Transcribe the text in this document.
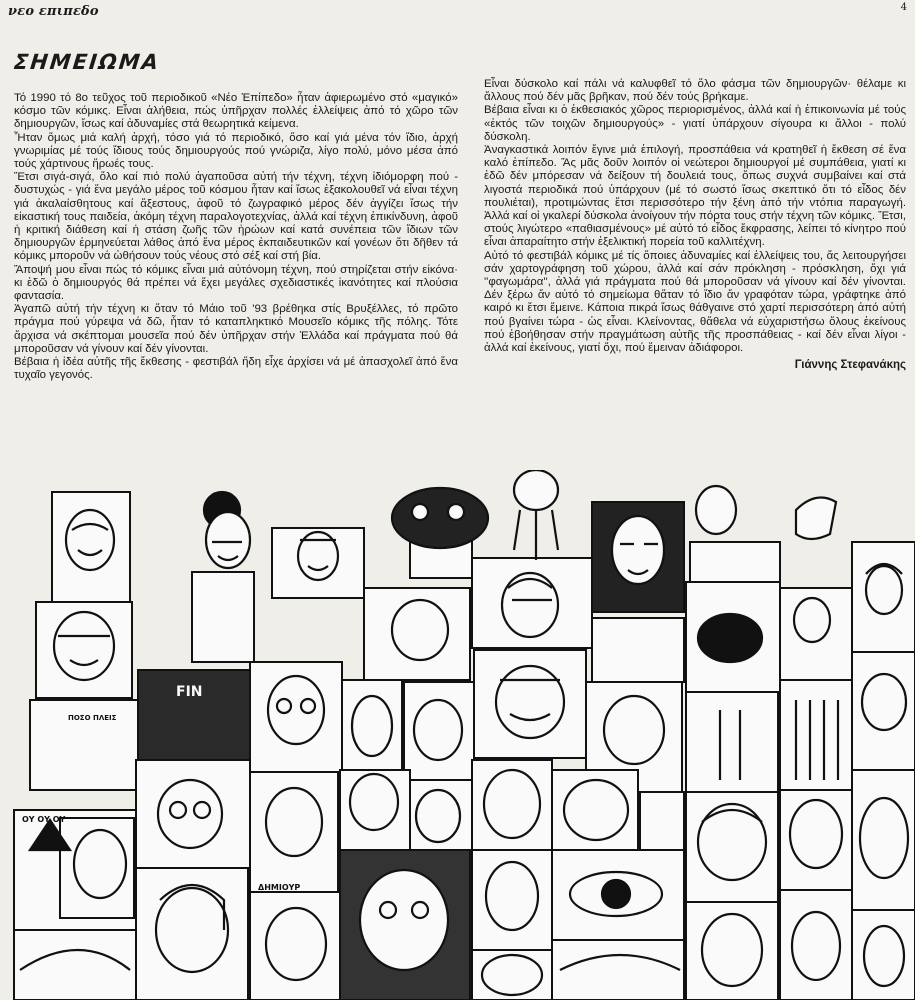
νεο επιπεδο	4
ΣΗΜΕΙΩΜΑ

Τό 1990 τό 8ο τεῦχος τοῦ περιοδικοῦ «Νέο Ἐπίπεδο» ἦταν ἀφιερωμένο στό «μαγικό» κόσμο τῶν κόμικς. Εἶναι ἀλήθεια, πώς ὑπῆρχαν πολλές ἐλλείψεις ἀπό τό χῶρο τῶν δημιουργῶν, ἴσως καί ἀδυναμίες στά θεωρητικά κείμενα.

Ἦταν ὅμως μιά καλή ἀρχή, τόσο γιά τό περιοδικό, ὅσο καί γιά μένα τόν ἴδιο, ἀρχή γνωριμίας μέ τούς ἴδιους τούς δημιουργούς πού γνώριζα, λίγο πολύ, μόνο μέσα ἀπό τούς χάρτινους ἥρωές τους.

Ἔτσι σιγά-σιγά, ὅλο καί πιό πολύ ἀγαποῦσα αὐτή τήν τέχνη, τέχνη ἰδιόμορφη πού - δυστυχώς - γιά ἕνα μεγάλο μέρος τοῦ κόσμου ἦταν καί ἴσως ἐξακολουθεῖ νά εἶναι τέχνη γιά ἀκαλαίσθητους καί ἄξεστους, ἀφοῦ τό ζωγραφικό μέρος δέν ἀγγίζει ἴσως τήν εἰκαστική τους παιδεία, ἀκόμη τέχνη παραλογοτεχνίας, ἀλλά καί τέχνη ἐπικίνδυνη, ἀφοῦ ἡ κριτική διάθεση καί ἡ στάση ζωῆς τῶν ἡρώων καί κατά συνέπεια τῶν ἴδιων τῶν δημιουργῶν ἑρμηνεύεται λάθος ἀπό ἕνα μέρος ἐκπαιδευτικῶν καί γονέων ὅτι δῆθεν τά κόμικς μποροῦν νά ὠθήσουν τούς νέους στό σέξ καί στή βία.

Ἄποψή μου εἶναι πώς τό κόμικς εἶναι μιά αὐτόνομη τέχνη, πού στηρίζεται στήν εἰκόνα· κι ἐδῶ ὁ δημιουργός θά πρέπει νά ἔχει μεγάλες σχεδιαστικές ἱκανότητες καί πλούσια φαντασία.

Ἀγαπῶ αὐτή τήν τέχνη κι ὅταν τό Μάιο τοῦ '93 βρέθηκα στίς Βρυξέλλες, τό πρῶτο πράγμα πού γύρεψα νά δῶ, ἦταν τό καταπληκτικό Μουσεῖο κόμικς τῆς πόλης. Τότε ἄρχισα νά σκέπτομαι μουσεῖα πού δέν ὑπῆρχαν στήν Ἑλλάδα καί πράγματα πού θά μποροῦσαν νά γίνουν καί δέν γίνονται.

Βέβαια ἡ ἰδέα αὐτῆς τῆς ἔκθεσης - φεστιβάλ ἤδη εἶχε ἀρχίσει νά μέ ἀπασχολεῖ ἀπό ἕνα τυχαῖο γεγονός.

Εἶναι δύσκολο καί πάλι νά καλυφθεῖ τό ὅλο φάσμα τῶν δημιουργῶν· θέλαμε κι ἄλλους πού δέν μᾶς βρῆκαν, πού δέν τούς βρήκαμε.

Βέβαια εἶναι κι ὁ ἐκθεσιακός χῶρος περιορισμένος, ἀλλά καί ἡ ἐπικοινωνία μέ τούς «ἐκτός τῶν τοιχῶν δημιουργούς» - γιατί ὑπάρχουν σίγουρα κι ἄλλοι - πολύ δύσκολη.

Ἀναγκαστικά λοιπόν ἔγινε μιά ἐπιλογή, προσπάθεια νά κρατηθεῖ ἡ ἔκθεση σέ ἕνα καλό ἐπίπεδο. Ἄς μᾶς δοῦν λοιπόν οἱ νεώτεροι δημιουργοί μέ συμπάθεια, γιατί κι ἐδῶ δέν μπόρεσαν νά δείξουν τή δουλειά τους, ὅπως συχνά συμβαίνει καί στά λιγοστά περιοδικά πού ὑπάρχουν (μέ τό σωστό ἴσως σκεπτικό ὅτι τό εἶδος δέν πουλιέται), προτιμώντας ἔτσι περισσότερο τήν ξένη ἀπό τήν ντόπια παραγωγή. Ἀλλά καί οἱ γκαλερί δύσκολα ἀνοίγουν τήν πόρτα τους στήν τέχνη τῶν κόμικς. Ἔτσι, στούς λιγώτερο «παθιασμένους» μέ αὐτό τό εἶδος ἔκφρασης, λείπει τό κίνητρο πού εἶναι ἀπαραίτητο στήν ἐξελικτική πορεία τοῦ καλλιτέχνη.

Αὐτό τό φεστιβάλ κόμικς μέ τίς ὅποιες ἀδυναμίες καί ἐλλείψεις του, ἄς λειτουργήσει σάν χαρτογράφηση τοῦ χώρου, ἀλλά καί σάν πρόκληση - πρόσκληση, ὄχι γιά ''φαγωμάρα'', ἀλλά γιά πράγματα πού θά μποροῦσαν νά γίνουν καί δέν γίνονται. Δέν ξέρω ἄν αὐτό τό σημείωμα θἄταν τό ἴδιο ἄν γραφόταν τώρα, γράφτηκε ἀπό καιρό κι ἔτσι ἔμεινε. Κάποια πικρά ἴσως θάθγαινε στό χαρτί περισσότερη ἀπό αὐτή πού βγαίνει τώρα - ὡς εἶναι. Κλείνοντας, θἄθελα νά εὐχαριστήσω ὅλους ἐκείνους πού ἐβοήθησαν στήν πραγμάτωση αὐτῆς τῆς προσπάθειας - καί δέν εἶναι λίγοι - ἀλλά καί ἐκείνους, γιατί ὄχι, πού ἔμειναν ἀδιάφοροι.

Γιάννης Στεφανάκης
FIN
ΠΟΣΟ ΠΛΕΙΣ
ΔΗΜΙΟΥΡ
ΟΥ ΟΥ ΟΥ
